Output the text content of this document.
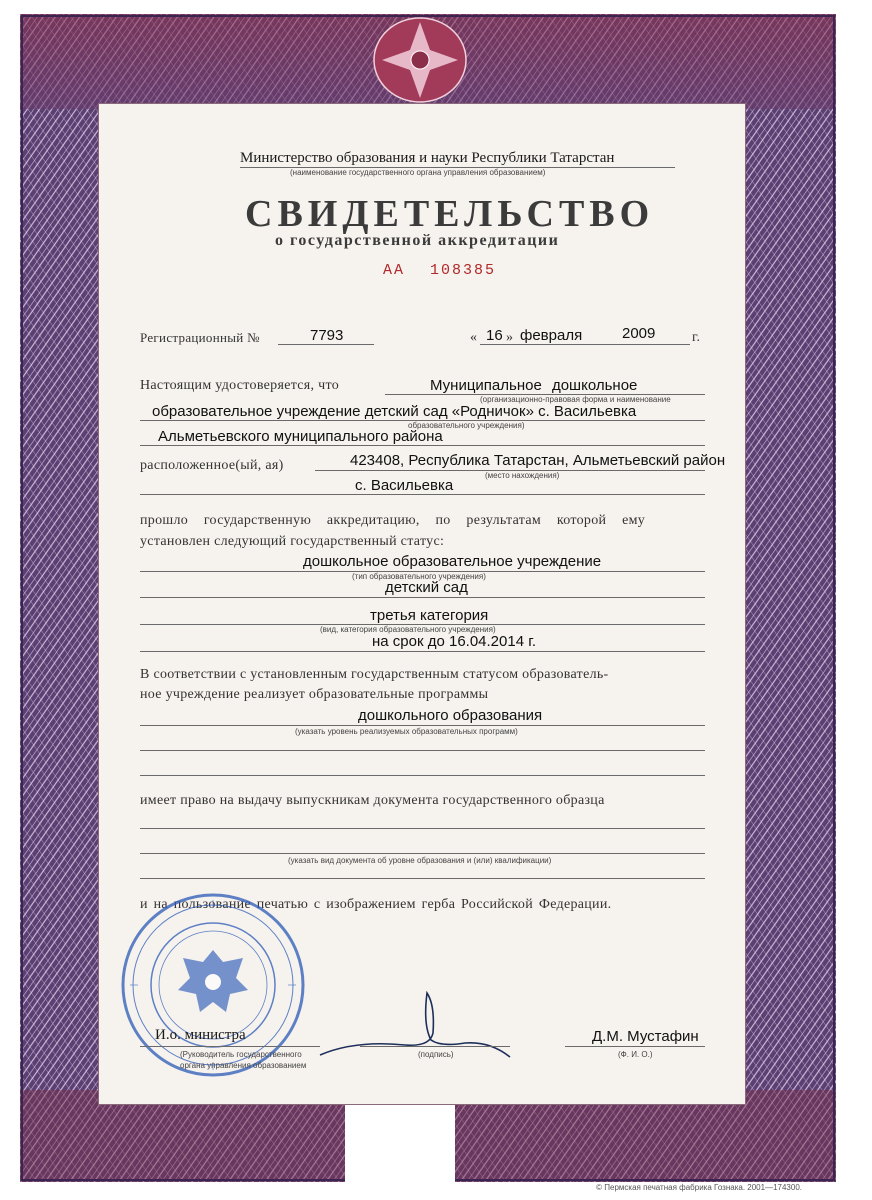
Министерство образования и науки Республики Татарстан
(наименование государственного органа управления образованием)
СВИДЕТЕЛЬСТВО
о государственной аккредитации
АА 108385
Регистрационный №	7793	« 16 » февраля	2009	г.
Настоящим удостоверяется, что	Муниципальное дошкольное
(организационно-правовая форма и наименование
образовательное учреждение детский сад «Родничок» с. Васильевка
образовательного учреждения)
Альметьевского муниципального района
расположенное(ый, ая)	423408, Республика Татарстан, Альметьевский район
(место нахождения)
с. Васильевка
прошло государственную аккредитацию, по результатам которой ему
установлен следующий государственный статус:
дошкольное образовательное учреждение
(тип образовательного учреждения)
детский сад
третья категория
(вид, категория образовательного учреждения)
на срок до 16.04.2014 г.
В соответствии с установленным государственным статусом образователь-
ное учреждение реализует образовательные программы
дошкольного образования
(указать уровень реализуемых образовательных программ)
имеет право на выдачу выпускникам документа государственного образца
(указать вид документа об уровне образования и (или) квалификации)
и на пользование печатью с изображением герба Российской Федерации.
И.о. министра
(Руководитель государственного
органа управления образованием
(подпись)
Д.М. Мустафин
(Ф. И. О.)
© Пермская печатная фабрика Гознака. 2001—174300.
